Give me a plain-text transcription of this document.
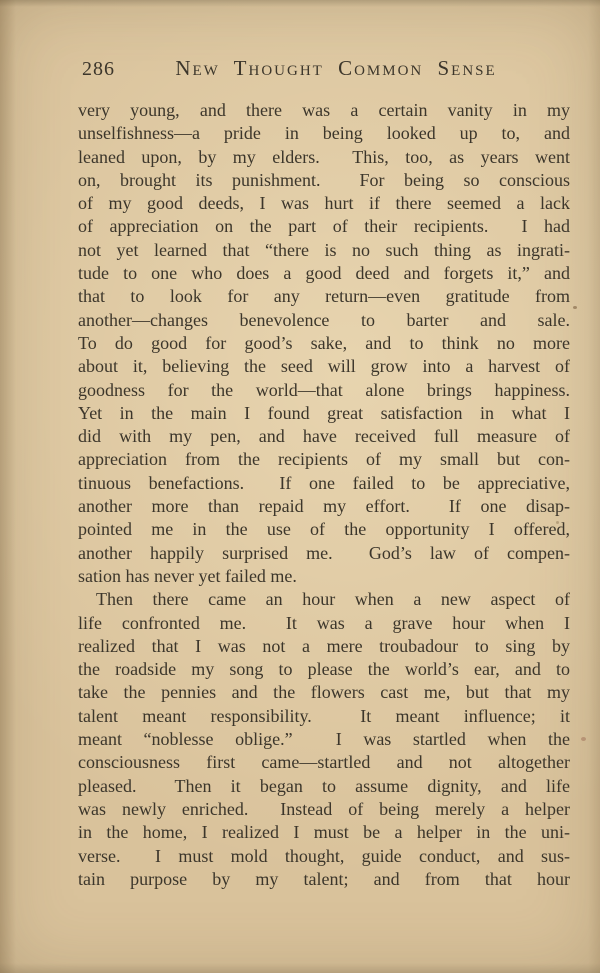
286	New Thought Common Sense
very young, and there was a certain vanity in my
unselfishness—a pride in being looked up to, and
leaned upon, by my elders.  This, too, as years went
on, brought its punishment.  For being so conscious
of my good deeds, I was hurt if there seemed a lack
of appreciation on the part of their recipients.  I had
not yet learned that “there is no such thing as ingrati-
tude to one who does a good deed and forgets it,” and
that to look for any return—even gratitude from
another—changes benevolence to barter and sale.
To do good for good’s sake, and to think no more
about it, believing the seed will grow into a harvest of
goodness for the world—that alone brings happiness.
Yet in the main I found great satisfaction in what I
did with my pen, and have received full measure of
appreciation from the recipients of my small but con-
tinuous benefactions.  If one failed to be appreciative,
another more than repaid my effort.  If one disap-
pointed me in the use of the opportunity I offered,
another happily surprised me.  God’s law of compen-
sation has never yet failed me.
Then there came an hour when a new aspect of
life confronted me.  It was a grave hour when I
realized that I was not a mere troubadour to sing by
the roadside my song to please the world’s ear, and to
take the pennies and the flowers cast me, but that my
talent meant responsibility.  It meant influence; it
meant “noblesse oblige.”  I was startled when the
consciousness first came—startled and not altogether
pleased.  Then it began to assume dignity, and life
was newly enriched.  Instead of being merely a helper
in the home, I realized I must be a helper in the uni-
verse.  I must mold thought, guide conduct, and sus-
tain purpose by my talent; and from that hour
